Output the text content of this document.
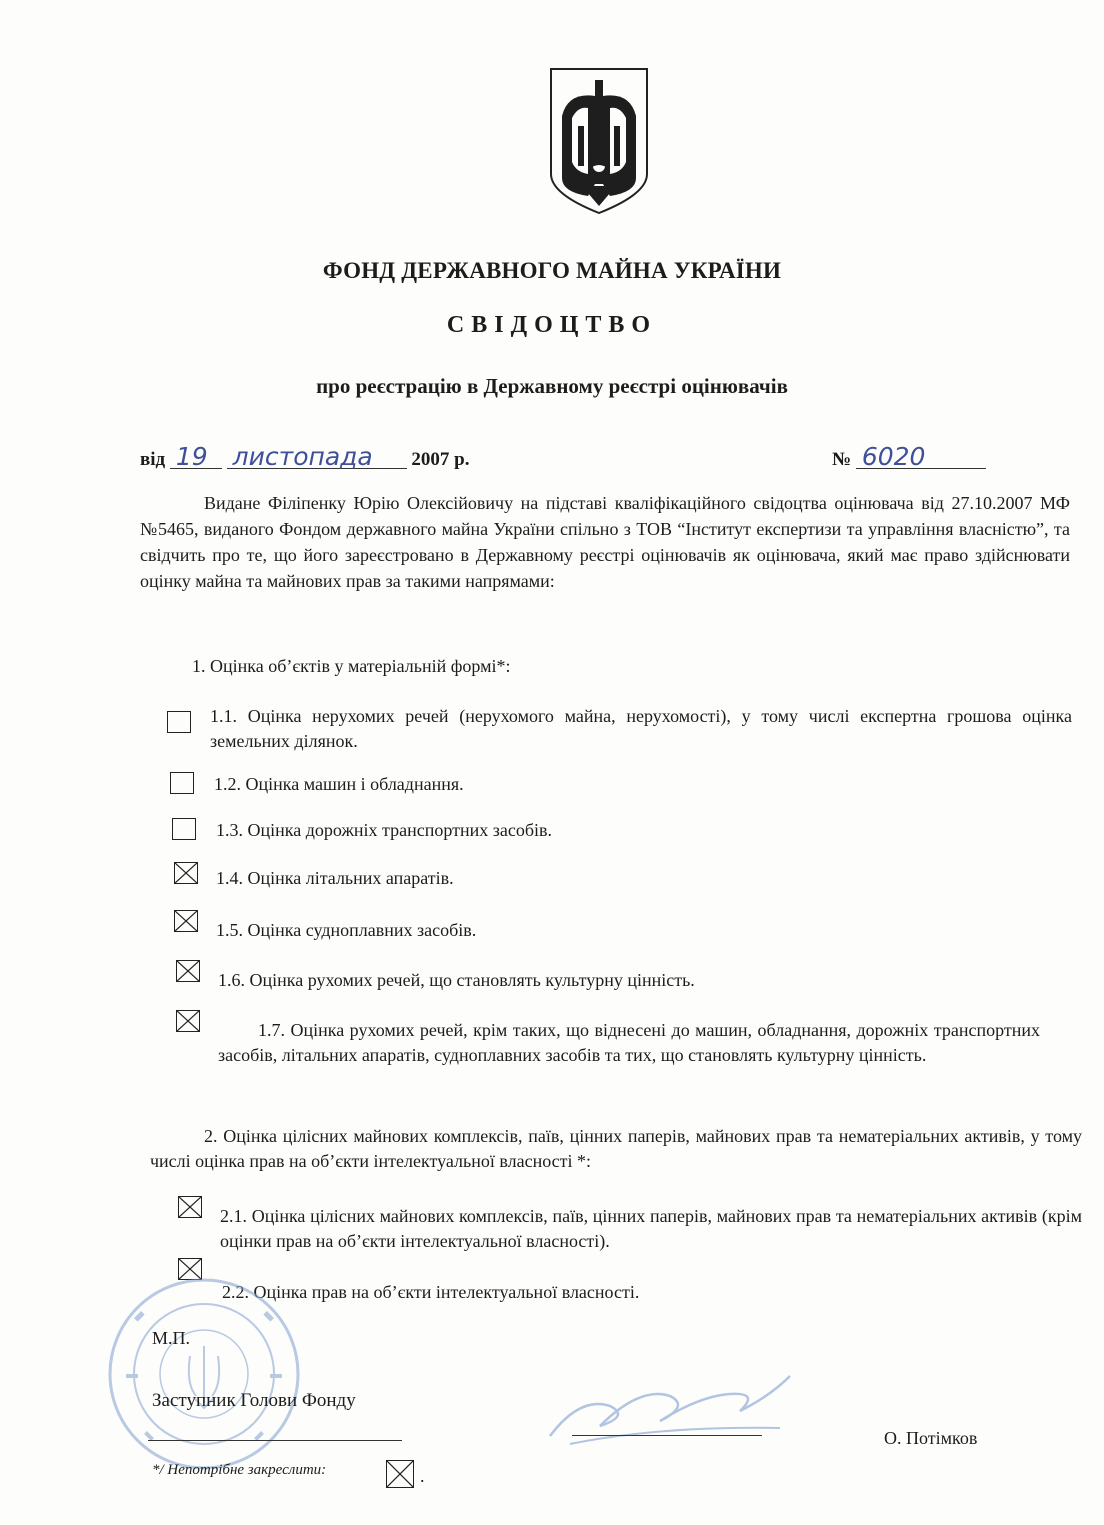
ФОНД ДЕРЖАВНОГО МАЙНА УКРАЇНИ
СВІДОЦТВО
про реєстрацію в Державному реєстрі оцінювачів
від 19 листопада 2007 р.	№ 6020
Видане Філіпенку Юрію Олексійовичу на підставі кваліфікаційного свідоцтва оцінювача від 27.10.2007 МФ №5465, виданого Фондом державного майна України спільно з ТОВ “Інститут експертизи та управління власністю”, та свідчить про те, що його зареєстровано в Державному реєстрі оцінювачів як оцінювача, який має право здійснювати оцінку майна та майнових прав за такими напрямами:
1. Оцінка об’єктів у матеріальній формі*:
1.1. Оцінка нерухомих речей (нерухомого майна, нерухомості), у тому числі експертна грошова оцінка земельних ділянок.
1.2. Оцінка машин і обладнання.
1.3. Оцінка дорожніх транспортних засобів.
1.4. Оцінка літальних апаратів.
1.5. Оцінка судноплавних засобів.
1.6. Оцінка рухомих речей, що становлять культурну цінність.
1.7. Оцінка рухомих речей, крім таких, що віднесені до машин, обладнання, дорожніх транспортних засобів, літальних апаратів, судноплавних засобів та тих, що становлять культурну цінність.
2. Оцінка цілісних майнових комплексів, паїв, цінних паперів, майнових прав та нематеріальних активів, у тому числі оцінка прав на об’єкти інтелектуальної власності *:
2.1. Оцінка цілісних майнових комплексів, паїв, цінних паперів, майнових прав та нематеріальних активів (крім оцінки прав на об’єкти інтелектуальної власності).
2.2. Оцінка прав на об’єкти інтелектуальної власності.
М.П.
Заступник Голови Фонду
О. Потімков
*/ Непотрібне закреслити:	.
